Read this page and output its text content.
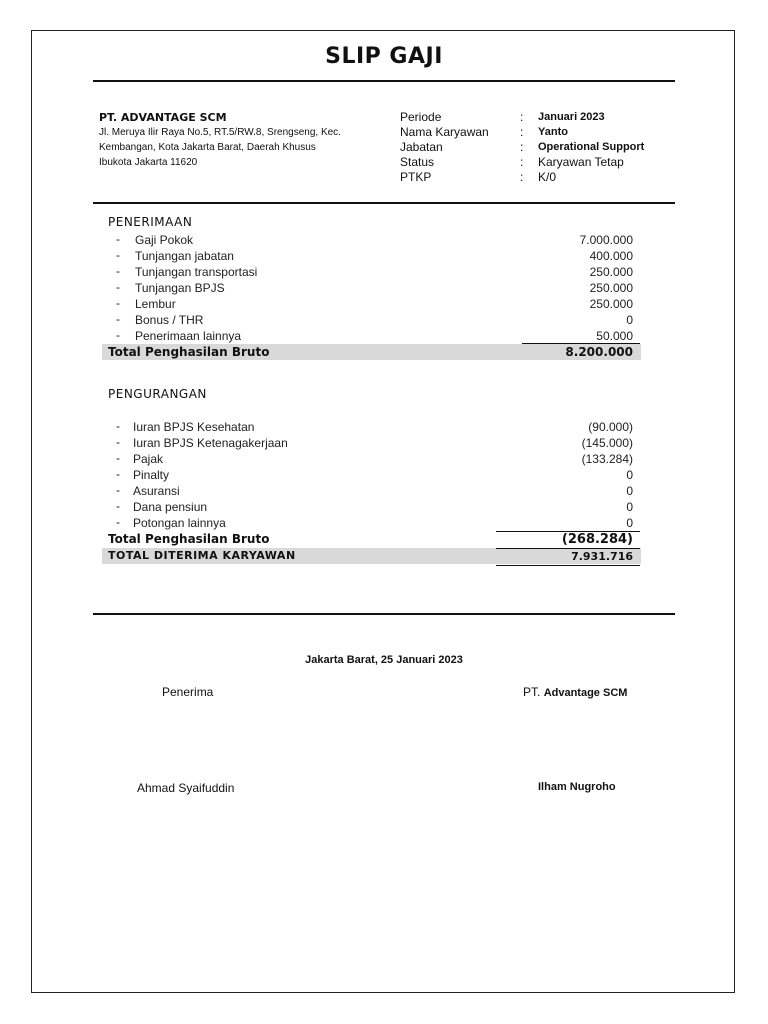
SLIP GAJI
PT. ADVANTAGE SCM
Jl. Meruya Ilir Raya No.5, RT.5/RW.8, Srengseng, Kec.
Kembangan, Kota Jakarta Barat, Daerah Khusus
Ibukota Jakarta 11620
Periode	: Januari 2023
Nama Karyawan	: Yanto
Jabatan	: Operational Support
Status	: Karyawan Tetap
PTKP	: K/0
PENERIMAAN
- Gaji Pokok	7.000.000
- Tunjangan jabatan	400.000
- Tunjangan transportasi	250.000
- Tunjangan BPJS	250.000
- Lembur	250.000
- Bonus / THR	0
- Penerimaan lainnya	50.000
Total Penghasilan Bruto	8.200.000
PENGURANGAN
- Iuran BPJS Kesehatan	(90.000)
- Iuran BPJS Ketenagakerjaan	(145.000)
- Pajak	(133.284)
- Pinalty	0
- Asuransi	0
- Dana pensiun	0
- Potongan lainnya	0
Total Penghasilan Bruto	(268.284)
TOTAL DITERIMA KARYAWAN	7.931.716
Jakarta Barat, 25 Januari 2023
Penerima	PT. Advantage SCM
Ahmad Syaifuddin	Ilham Nugroho
